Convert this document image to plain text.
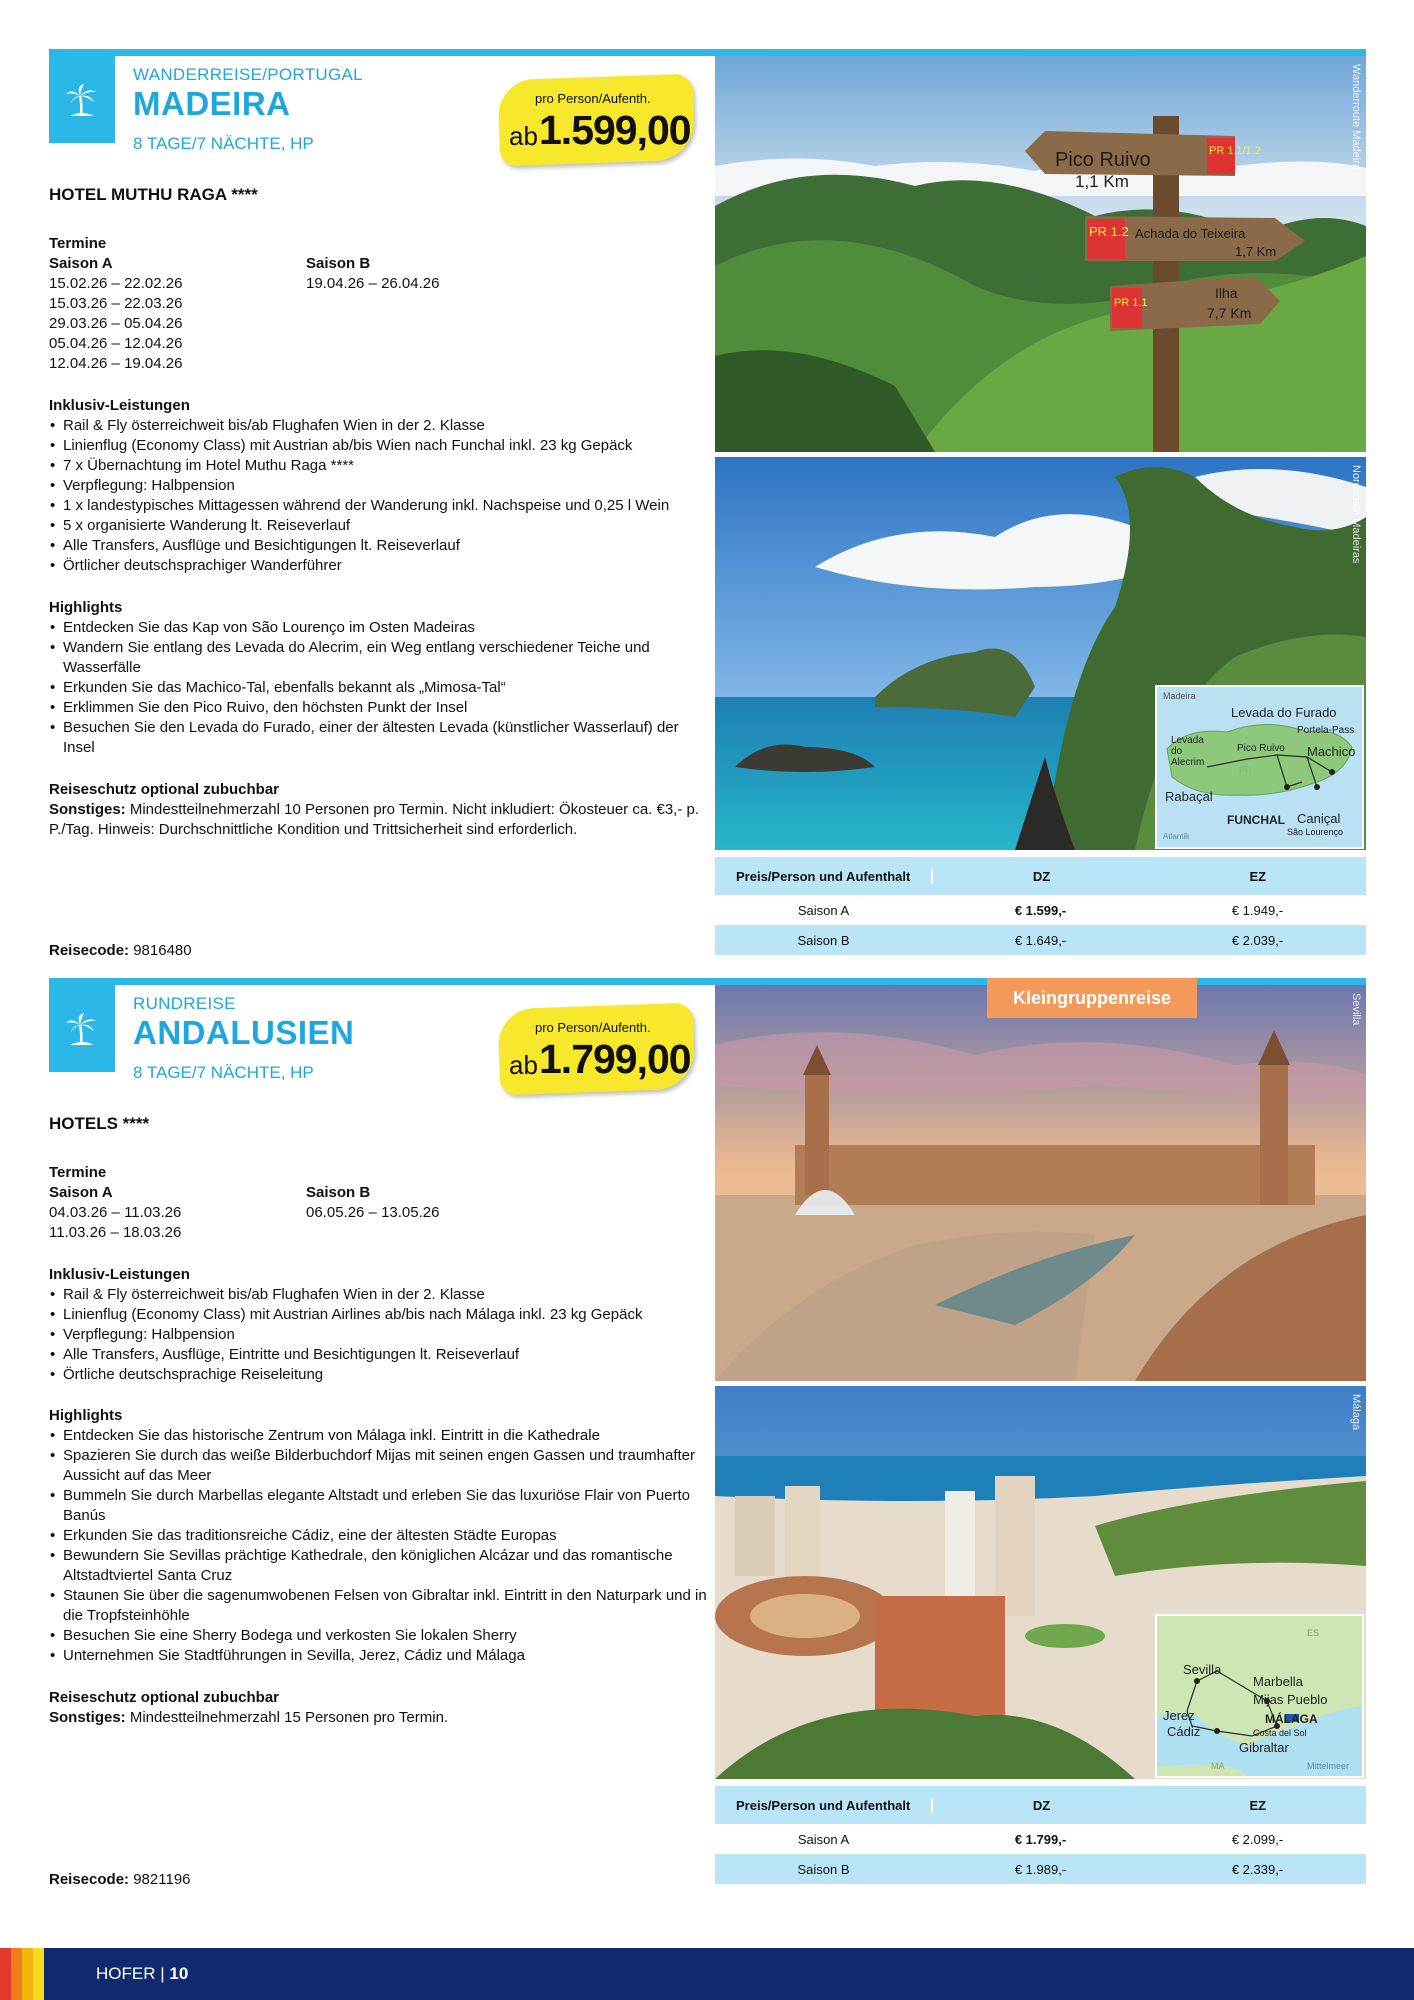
WANDERREISE/PORTUGAL
MADEIRA
8 TAGE/7 NÄCHTE, HP
pro Person/Aufenth.
ab 1.599,00
HOTEL MUTHU RAGA ****
Termine
Saison A
15.02.26 – 22.02.26
15.03.26 – 22.03.26
29.03.26 – 05.04.26
05.04.26 – 12.04.26
12.04.26 – 19.04.26
Saison B
19.04.26 – 26.04.26
Inklusiv-Leistungen
• Rail & Fly österreichweit bis/ab Flughafen Wien in der 2. Klasse
• Linienflug (Economy Class) mit Austrian ab/bis Wien nach Funchal inkl. 23 kg Gepäck
• 7 x Übernachtung im Hotel Muthu Raga ****
• Verpflegung: Halbpension
• 1 x landestypisches Mittagessen während der Wanderung inkl. Nachspeise und 0,25 l Wein
• 5 x organisierte Wanderung lt. Reiseverlauf
• Alle Transfers, Ausflüge und Besichtigungen lt. Reiseverlauf
• Örtlicher deutschsprachiger Wanderführer
Highlights
• Entdecken Sie das Kap von São Lourenço im Osten Madeiras
• Wandern Sie entlang des Levada do Alecrim, ein Weg entlang verschiedener Teiche und Wasserfälle
• Erkunden Sie das Machico-Tal, ebenfalls bekannt als „Mimosa-Tal“
• Erklimmen Sie den Pico Ruivo, den höchsten Punkt der Insel
• Besuchen Sie den Levada do Furado, einer der ältesten Levada (künstlicher Wasserlauf) der Insel
Reiseschutz optional zubuchbar
Sonstiges: Mindestteilnehmerzahl 10 Personen pro Termin. Nicht inkludiert: Ökosteuer ca. €3,- p. P./Tag. Hinweis: Durchschnittliche Kondition und Trittsicherheit sind erforderlich.
Reisecode: 9816480
Pico Ruivo
1,1 Km
PR 1.1/1.2
PR 1.2 Achada do Teixeira
1,7 Km
PR 1.1
Ilha
7,7 Km
Wanderroute Madeira
Nordküste Madeiras
Madeira
Levada do Furado
Portela-Pass
Levada do Alecrim
Pico Ruivo Machico
PR
Rabaçal
FUNCHAL Caniçal
São Lourenço
Atlantik
Preis/Person und Aufenthalt	DZ	EZ
Saison A	€ 1.599,-	€ 1.949,-
Saison B	€ 1.649,-	€ 2.039,-
RUNDREISE
ANDALUSIEN
8 TAGE/7 NÄCHTE, HP
pro Person/Aufenth.
ab 1.799,00
HOTELS ****
Termine
Saison A
04.03.26 – 11.03.26
11.03.26 – 18.03.26
Saison B
06.05.26 – 13.05.26
Inklusiv-Leistungen
• Rail & Fly österreichweit bis/ab Flughafen Wien in der 2. Klasse
• Linienflug (Economy Class) mit Austrian Airlines ab/bis nach Málaga inkl. 23 kg Gepäck
• Verpflegung: Halbpension
• Alle Transfers, Ausflüge, Eintritte und Besichtigungen lt. Reiseverlauf
• Örtliche deutschsprachige Reiseleitung
Highlights
• Entdecken Sie das historische Zentrum von Málaga inkl. Eintritt in die Kathedrale
• Spazieren Sie durch das weiße Bilderbuchdorf Mijas mit seinen engen Gassen und traumhafter Aussicht auf das Meer
• Bummeln Sie durch Marbellas elegante Altstadt und erleben Sie das luxuriöse Flair von Puerto Banús
• Erkunden Sie das traditionsreiche Cádiz, eine der ältesten Städte Europas
• Bewundern Sie Sevillas prächtige Kathedrale, den königlichen Alcázar und das romantische Altstadtviertel Santa Cruz
• Staunen Sie über die sagenumwobenen Felsen von Gibraltar inkl. Eintritt in den Naturpark und in die Tropfsteinhöhle
• Besuchen Sie eine Sherry Bodega und verkosten Sie lokalen Sherry
• Unternehmen Sie Stadtführungen in Sevilla, Jerez, Cádiz und Málaga
Reiseschutz optional zubuchbar
Sonstiges: Mindestteilnehmerzahl 15 Personen pro Termin.
Reisecode: 9821196
Sevilla
Kleingruppenreise
Málaga
ES
Sevilla
Marbella
Mijas Pueblo
Jerez	MÁLAGA
Cádiz	Costa del Sol
Gibraltar
MA	Mittelmeer
Preis/Person und Aufenthalt	DZ	EZ
Saison A	€ 1.799,-	€ 2.099,-
Saison B	€ 1.989,-	€ 2.339,-
HOFER | 10
